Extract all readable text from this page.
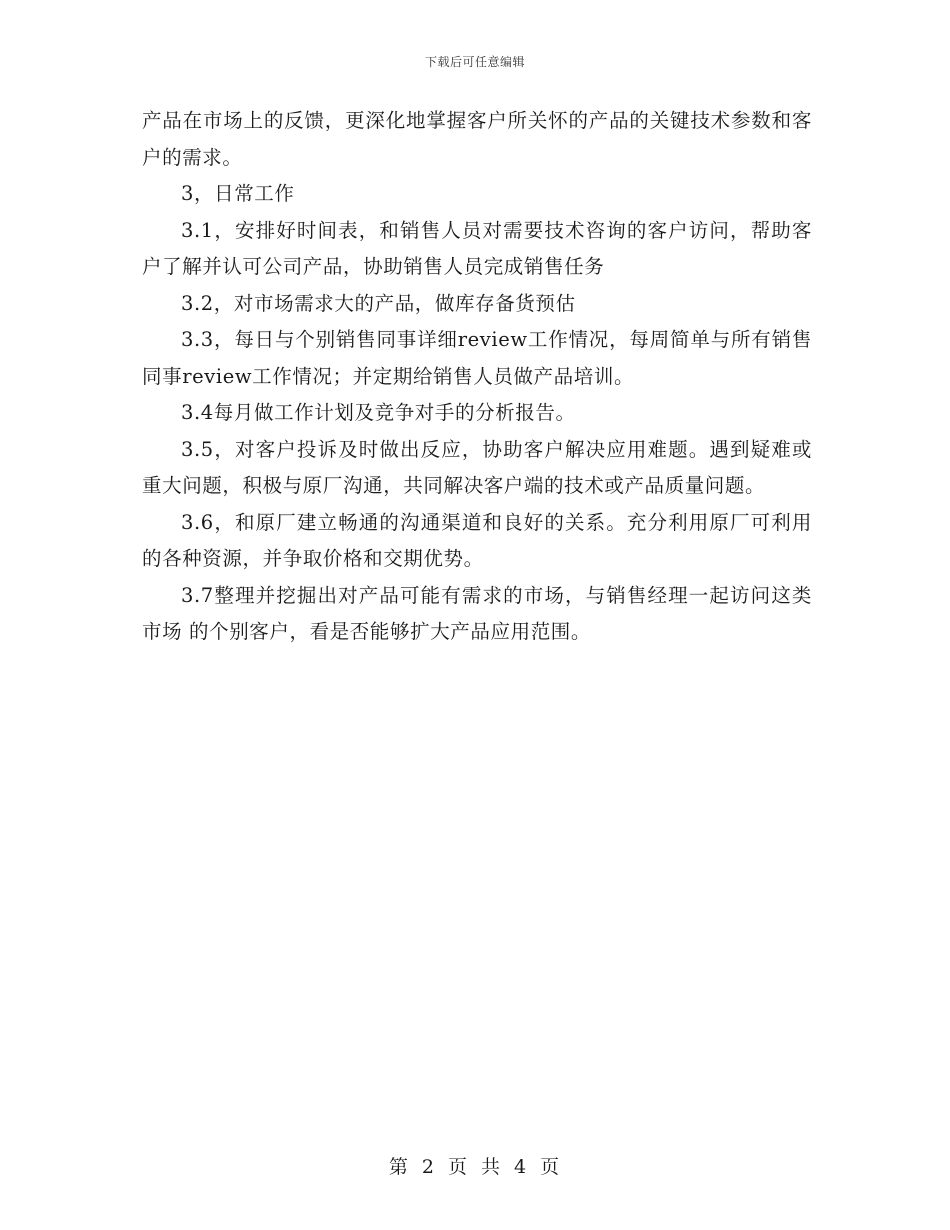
下载后可任意编辑

产品在市场上的反馈，更深化地掌握客户所关怀的产品的关键技术参数和客户的需求。

3，日常工作

3.1，安排好时间表，和销售人员对需要技术咨询的客户访问，帮助客户了解并认可公司产品，协助销售人员完成销售任务

3.2，对市场需求大的产品，做库存备货预估

3.3，每日与个别销售同事详细review工作情况，每周简单与所有销售同事review工作情况；并定期给销售人员做产品培训。

3.4每月做工作计划及竞争对手的分析报告。

3.5，对客户投诉及时做出反应，协助客户解决应用难题。遇到疑难或重大问题，积极与原厂沟通，共同解决客户端的技术或产品质量问题。

3.6，和原厂建立畅通的沟通渠道和良好的关系。充分利用原厂可利用的各种资源，并争取价格和交期优势。

3.7整理并挖掘出对产品可能有需求的市场，与销售经理一起访问这类市场 的个别客户，看是否能够扩大产品应用范围。

第 2 页 共 4 页
